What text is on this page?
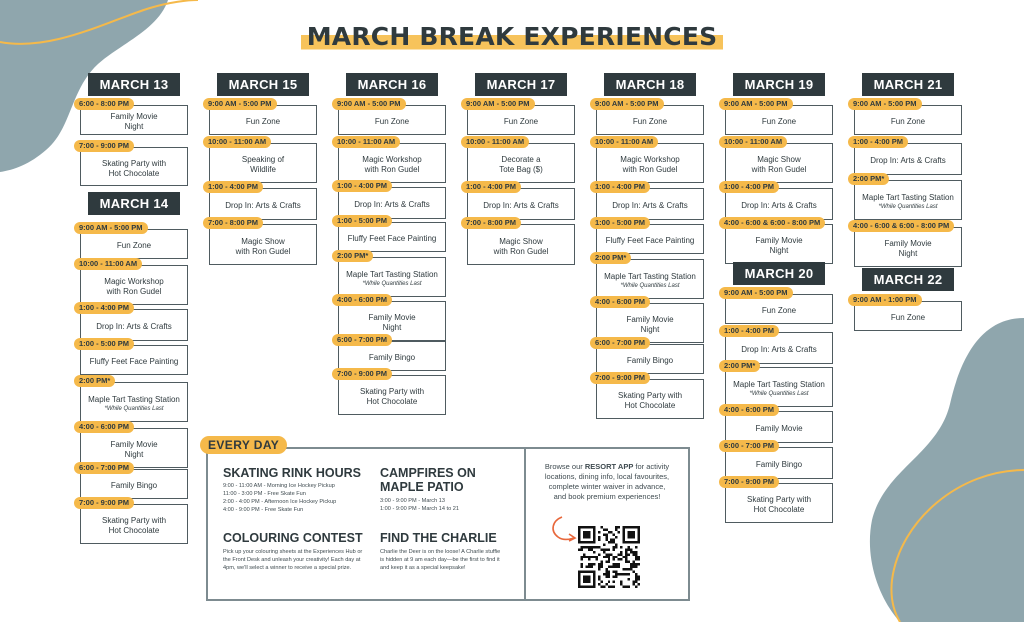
MARCH BREAK EXPERIENCES
MARCH 13
Family Movie
Night
6:00 - 8:00 PM
Skating Party with
Hot Chocolate
7:00 - 9:00 PM
MARCH 14
Fun Zone
9:00 AM - 5:00 PM
Magic Workshop
with Ron Gudel
10:00 - 11:00 AM
Drop In: Arts & Crafts
1:00 - 4:00 PM
Fluffy Feet Face Painting
1:00 - 5:00 PM
Maple Tart Tasting Station
*While Quantities Last
2:00 PM*
Family Movie
Night
4:00 - 6:00 PM
Family Bingo
6:00 - 7:00 PM
Skating Party with
Hot Chocolate
7:00 - 9:00 PM
MARCH 15
Fun Zone
9:00 AM - 5:00 PM
Speaking of
Wildlife
10:00 - 11:00 AM
Drop In: Arts & Crafts
1:00 - 4:00 PM
Magic Show
with Ron Gudel
7:00 - 8:00 PM
MARCH 16
Fun Zone
9:00 AM - 5:00 PM
Magic Workshop
with Ron Gudel
10:00 - 11:00 AM
Drop In: Arts & Crafts
1:00 - 4:00 PM
Fluffy Feet Face Painting
1:00 - 5:00 PM
Maple Tart Tasting Station
*While Quantities Last
2:00 PM*
Family Movie
Night
4:00 - 6:00 PM
Family Bingo
6:00 - 7:00 PM
Skating Party with
Hot Chocolate
7:00 - 9:00 PM
MARCH 17
Fun Zone
9:00 AM - 5:00 PM
Decorate a
Tote Bag ($)
10:00 - 11:00 AM
Drop In: Arts & Crafts
1:00 - 4:00 PM
Magic Show
with Ron Gudel
7:00 - 8:00 PM
MARCH 18
Fun Zone
9:00 AM - 5:00 PM
Magic Workshop
with Ron Gudel
10:00 - 11:00 AM
Drop In: Arts & Crafts
1:00 - 4:00 PM
Fluffy Feet Face Painting
1:00 - 5:00 PM
Maple Tart Tasting Station
*While Quantities Last
2:00 PM*
Family Movie
Night
4:00 - 6:00 PM
Family Bingo
6:00 - 7:00 PM
Skating Party with
Hot Chocolate
7:00 - 9:00 PM
MARCH 19
Fun Zone
9:00 AM - 5:00 PM
Magic Show
with Ron Gudel
10:00 - 11:00 AM
Drop In: Arts & Crafts
1:00 - 4:00 PM
Family Movie
Night
4:00 - 6:00 & 6:00 - 8:00 PM
MARCH 20
Fun Zone
9:00 AM - 5:00 PM
Drop In: Arts & Crafts
1:00 - 4:00 PM
Maple Tart Tasting Station
*While Quantities Last
2:00 PM*
Family Movie
4:00 - 6:00 PM
Family Bingo
6:00 - 7:00 PM
Skating Party with
Hot Chocolate
7:00 - 9:00 PM
MARCH 21
Fun Zone
9:00 AM - 5:00 PM
Drop In: Arts & Crafts
1:00 - 4:00 PM
Maple Tart Tasting Station
*While Quantities Last
2:00 PM*
Family Movie
Night
4:00 - 6:00 & 6:00 - 8:00 PM
MARCH 22
Fun Zone
9:00 AM - 1:00 PM
EVERY DAY
SKATING RINK HOURS
9:00 - 11:00 AM - Morning Ice Hockey Pickup
11:00 - 3:00 PM - Free Skate Fun
2:00 - 4:00 PM - Afternoon Ice Hockey Pickup
4:00 - 9:00 PM - Free Skate Fun
CAMPFIRES ON
MAPLE PATIO
3:00 - 9:00 PM - March 13
1:00 - 9:00 PM - March 14 to 21
COLOURING CONTEST

Pick up your colouring sheets at the Experiences Hub or the Front Desk and unleash your creativity! Each day at 4pm, we'll select a winner to receive a special prize.

FIND THE CHARLIE

Charlie the Deer is on the loose! A Charlie stuffie is hidden at 9 am each day—be the first to find it and keep it as a special keepsake!

Browse our RESORT APP for activity locations, dining info, local favourites, complete winter waiver in advance, and book premium experiences!
